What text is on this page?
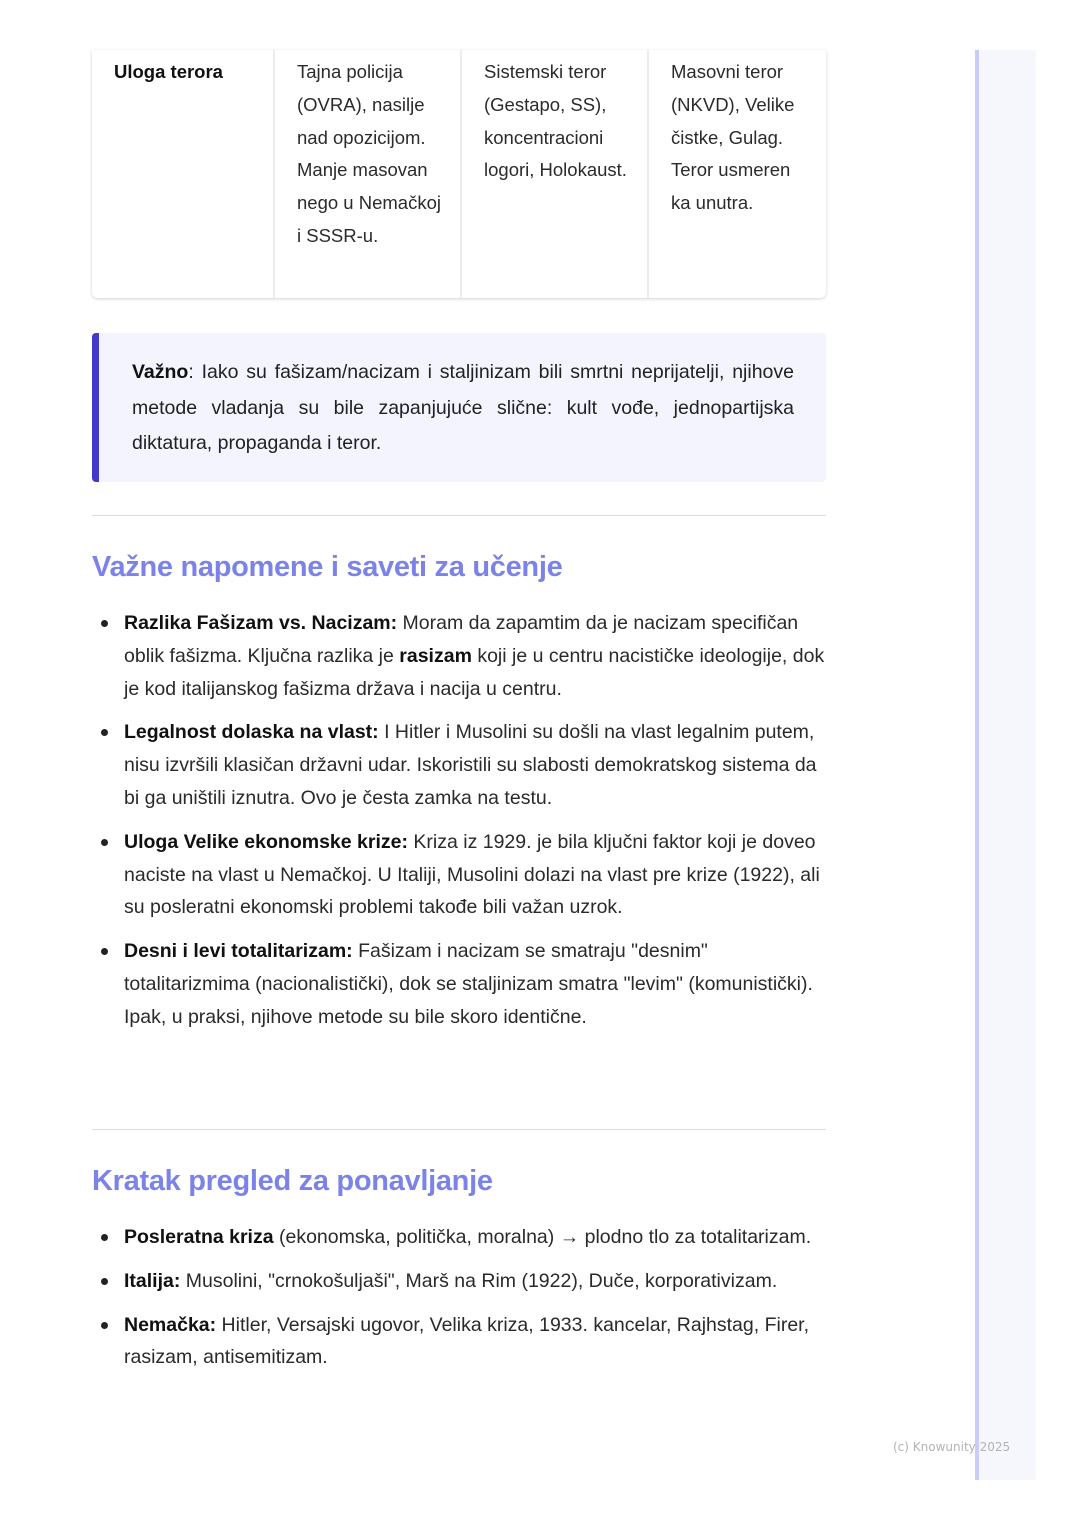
Uloga terora	Tajna policija (OVRA), nasilje nad opozicijom. Manje masovan nego u Nemačkoj i SSSR-u.
Sistemski teror (Gestapo, SS), koncentracioni logori, Holokaust.
Masovni teror (NKVD), Velike čistke, Gulag. Teror usmeren ka unutra.

Važno: Iako su fašizam/nacizam i staljinizam bili smrtni neprijatelji, njihove metode vladanja su bile zapanjujuće slične: kult vođe, jednopartijska diktatura, propaganda i teror.

Važne napomene i saveti za učenje
Razlika Fašizam vs. Nacizam: Moram da zapamtim da je nacizam specifičan oblik fašizma. Ključna razlika je rasizam koji je u centru nacističke ideologije, dok je kod italijanskog fašizma država i nacija u centru.
Legalnost dolaska na vlast: I Hitler i Musolini su došli na vlast legalnim putem, nisu izvršili klasičan državni udar. Iskoristili su slabosti demokratskog sistema da bi ga uništili iznutra. Ovo je česta zamka na testu.
Uloga Velike ekonomske krize: Kriza iz 1929. je bila ključni faktor koji je doveo naciste na vlast u Nemačkoj. U Italiji, Musolini dolazi na vlast pre krize (1922), ali su posleratni ekonomski problemi takođe bili važan uzrok.
Desni i levi totalitarizam: Fašizam i nacizam se smatraju "desnim" totalitarizmima (nacionalistički), dok se staljinizam smatra "levim" (komunistički). Ipak, u praksi, njihove metode su bile skoro identične.
Kratak pregled za ponavljanje
Posleratna kriza (ekonomska, politička, moralna) → plodno tlo za totalitarizam.
Italija: Musolini, "crnokošuljaši", Marš na Rim (1922), Duče, korporativizam.
Nemačka: Hitler, Versajski ugovor, Velika kriza, 1933. kancelar, Rajhstag, Firer, rasizam, antisemitizam.
(c) Knowunity 2025
